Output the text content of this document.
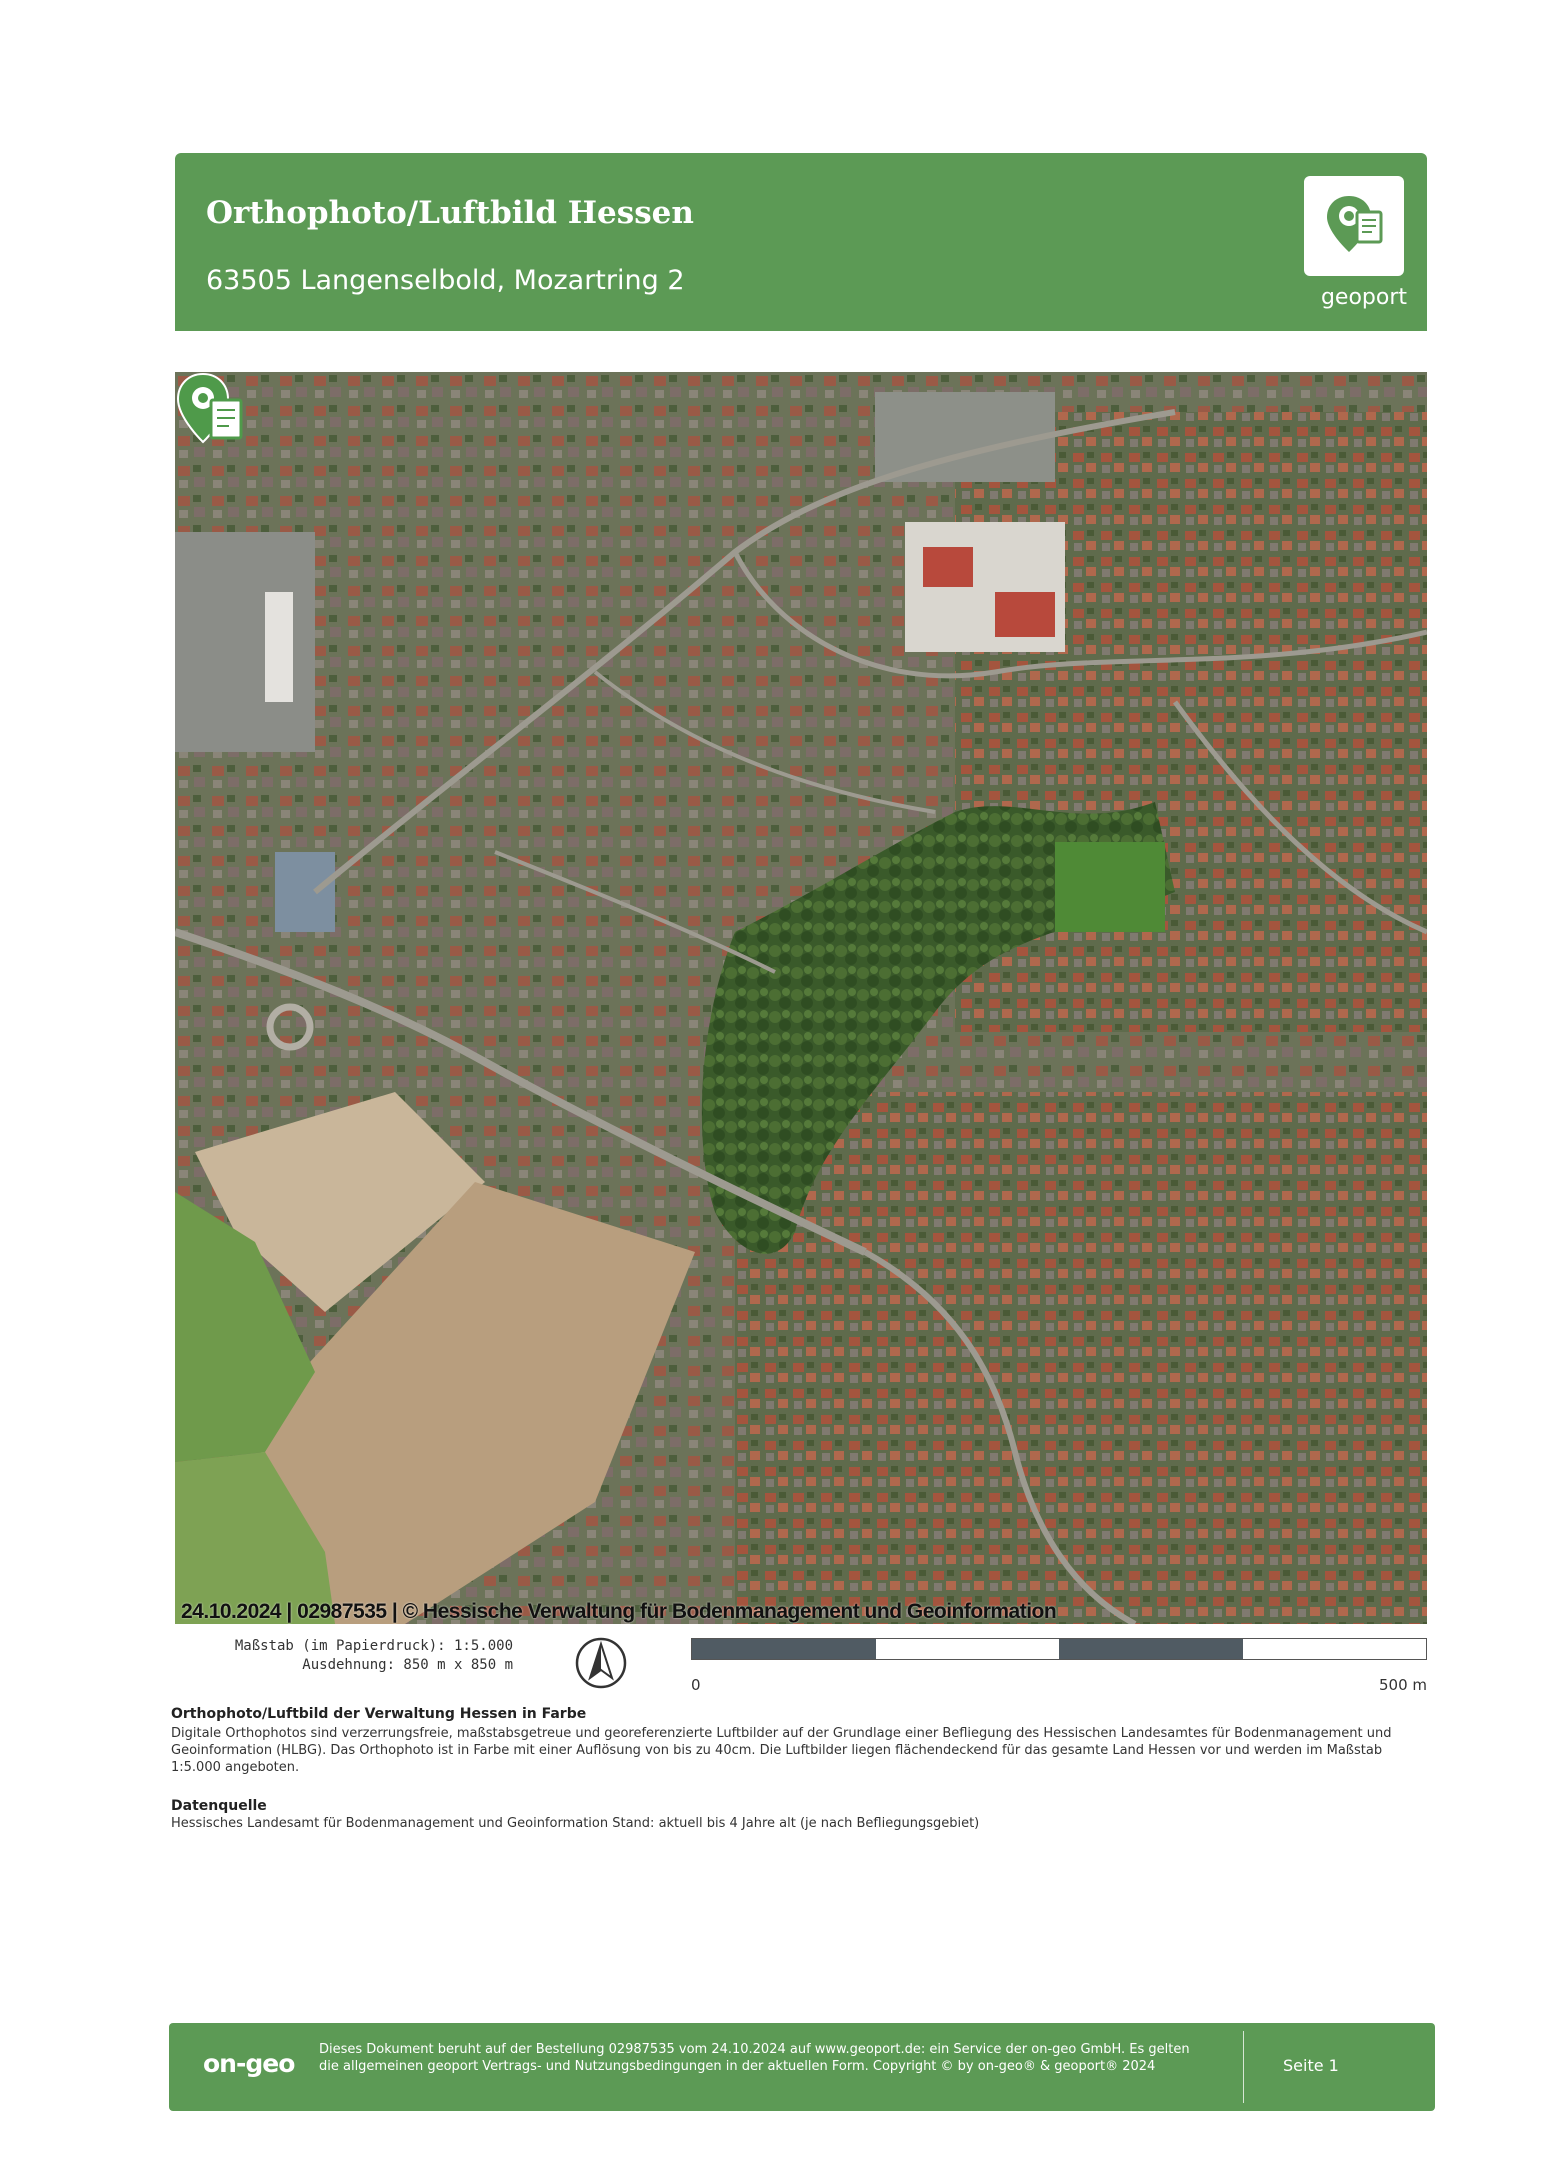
Orthophoto/Luftbild Hessen
63505 Langenselbold, Mozartring 2
geoport
24.10.2024 | 02987535 | © Hessische Verwaltung für Bodenmanagement und Geoinformation
Maßstab (im Papierdruck): 1:5.000
Ausdehnung: 850 m x 850 m
0	500 m
Orthophoto/Luftbild der Verwaltung Hessen in Farbe
Digitale Orthophotos sind verzerrungsfreie, maßstabsgetreue und georeferenzierte Luftbilder auf der Grundlage einer Befliegung des Hessischen Landesamtes für Bodenmanagement und Geoinformation (HLBG). Das Orthophoto ist in Farbe mit einer Auflösung von bis zu 40cm. Die Luftbilder liegen flächendeckend für das gesamte Land Hessen vor und werden im Maßstab 1:5.000 angeboten.
Datenquelle
Hessisches Landesamt für Bodenmanagement und Geoinformation Stand: aktuell bis 4 Jahre alt (je nach Befliegungsgebiet)
on-geo Dieses Dokument beruht auf der Bestellung 02987535 vom 24.10.2024 auf www.geoport.de: ein Service der on-geo GmbH. Es gelten die allgemeinen geoport Vertrags- und Nutzungsbedingungen in der aktuellen Form. Copyright © by on-geo® & geoport® 2024	Seite 1
